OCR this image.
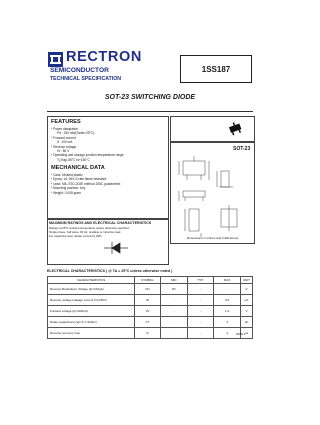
RECTRON
SEMICONDUCTOR
TECHNICAL SPECIFICATION
1SS187
SOT-23 SWITCHING DIODE
FEATURES
* Power dissipation
Pd : 150 mW(Tamb=25°C)
* Forward current
If : 100 mA
* Reverse voltage
Vr : 80 V
* Operating and storage junction temperature range
Tj,Tstg:-55°C to+150°C
MECHANICAL DATA
* Case: Molded plastic
* Epoxy: UL 94V-O rate flame retardant
* Lead: MIL-STD-202E method 208C guaranteed
* Mounting position: Any
* Weight: 0.008 gram
SOT-23
Dimensions in inches and (millimeters)
MAXIMUM RATINGS AND ELECTRICAL CHARACTERISTICS
Ratings at 25°C ambient temperature unless otherwise specified.
Single phase, half wave, 60 Hz, resistive or inductive load.
For capacitive load, derate current by 20%.
ELECTRICAL CHARACTERISTICS ( @ TA = 25°C unless otherwise noted )
CHARACTERISTICS	SYMBOL	MIN	TYP	MAX	UNIT
Reverse Breakdown Voltage (Ip=100μA)	Vbr	80	-	-	V
Reverse voltage leakage current (Vp=80V)	IR	-	-	0.5	μA
Forward voltage (Ip=100mA)	VF	-	-	1.2	V
Diode capacitance (Vp=0, f=1MHz)	CT	-	-	3	pF
Reverse recovery time	trr	-	-	4	ns
2008-1
